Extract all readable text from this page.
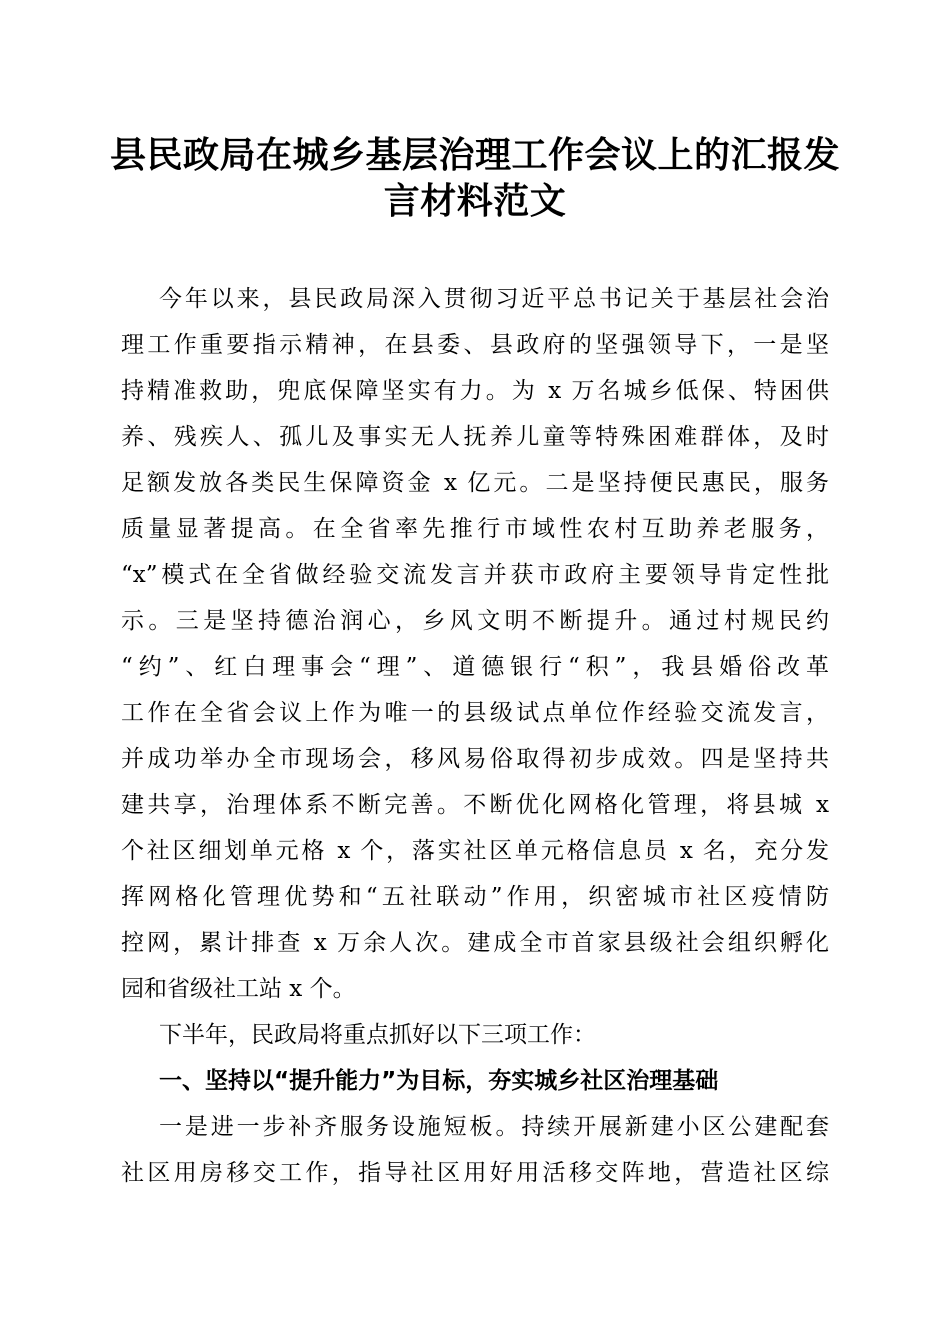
县民政局在城乡基层治理工作会议上的汇报发
言材料范文
今年以来，县民政局深入贯彻习近平总书记关于基层社会治
理工作重要指示精神，在县委、县政府的坚强领导下，一是坚
持精准救助，兜底保障坚实有力。为 x 万名城乡低保、特困供
养、残疾人、孤儿及事实无人抚养儿童等特殊困难群体，及时
足额发放各类民生保障资金 x 亿元。二是坚持便民惠民，服务
质量显著提高。在全省率先推行市域性农村互助养老服务，
“x”模式在全省做经验交流发言并获市政府主要领导肯定性批
示。三是坚持德治润心，乡风文明不断提升。通过村规民约
“约”、红白理事会“理”、道德银行“积”，我县婚俗改革
工作在全省会议上作为唯一的县级试点单位作经验交流发言，
并成功举办全市现场会，移风易俗取得初步成效。四是坚持共
建共享，治理体系不断完善。不断优化网格化管理，将县城 x
个社区细划单元格 x 个，落实社区单元格信息员 x 名，充分发
挥网格化管理优势和“五社联动”作用，织密城市社区疫情防
控网，累计排查 x 万余人次。建成全市首家县级社会组织孵化
园和省级社工站 x 个。
下半年，民政局将重点抓好以下三项工作：
一、坚持以“提升能力”为目标，夯实城乡社区治理基础
一是进一步补齐服务设施短板。持续开展新建小区公建配套
社区用房移交工作，指导社区用好用活移交阵地，营造社区综
